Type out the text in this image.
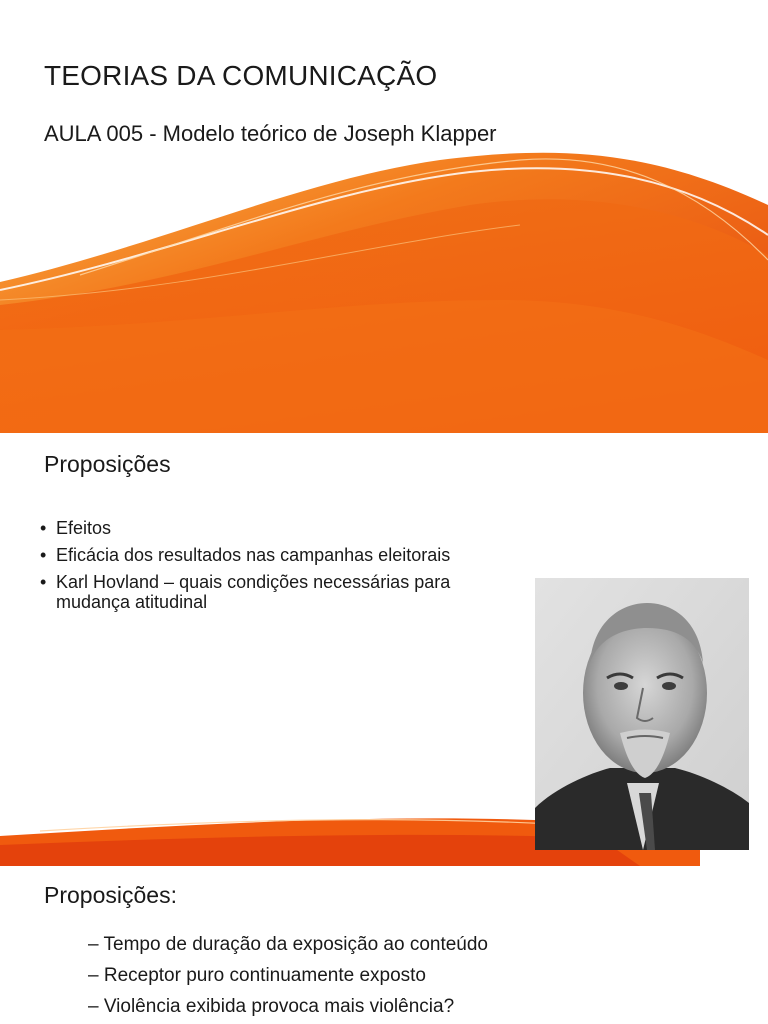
TEORIAS DA COMUNICAÇÃO
AULA 005 - Modelo teórico de Joseph Klapper
Proposições
• Efeitos
• Eficácia dos resultados nas campanhas eleitorais
• Karl Hovland – quais condições necessárias para mudança atitudinal
Proposições:
– Tempo de duração da exposição ao conteúdo
– Receptor puro continuamente exposto
– Violência exibida provoca mais violência?
